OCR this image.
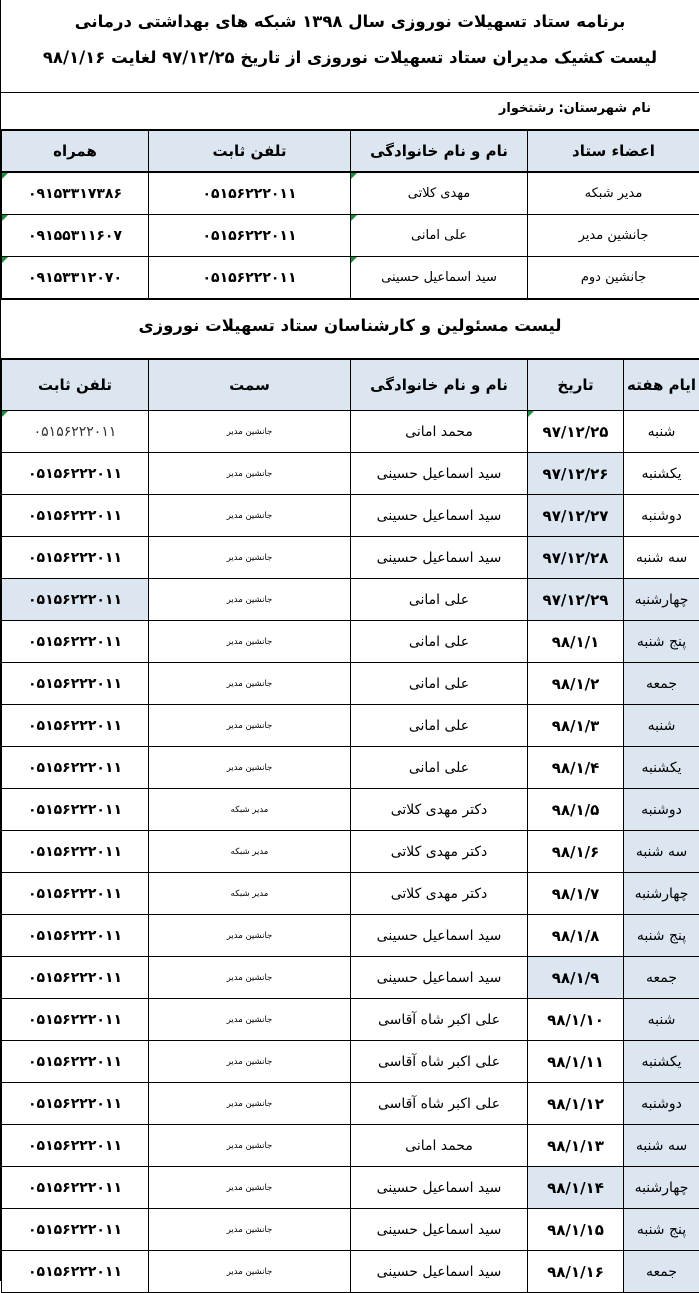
برنامه ستاد تسهیلات نوروزی سال ۱۳۹۸ شبکه های بهداشتی درمانی
لیست کشیک مدیران ستاد تسهیلات نوروزی از تاریخ ۹۷/۱۲/۲۵ لغایت ۹۸/۱/۱۶
نام شهرستان: رشتخوار
همراه	تلفن ثابت	نام و نام خانوادگی	اعضاء ستاد
۰۹۱۵۳۳۱۷۳۸۶	۰۵۱۵۶۲۲۲۰۱۱	مهدی کلاتی	مدیر شبکه
۰۹۱۵۵۳۱۱۶۰۷	۰۵۱۵۶۲۲۲۰۱۱	علی امانی	جانشین مدیر
۰۹۱۵۳۳۱۲۰۷۰	۰۵۱۵۶۲۲۲۰۱۱	سید اسماعیل حسینی	جانشین دوم
لیست مسئولین و کارشناسان ستاد تسهیلات نوروزی
تلفن ثابت	سمت	نام و نام خانوادگی	تاریخ	ایام هفته
۰۵۱۵۶۲۲۲۰۱۱	جانشین مدیر	محمد امانی	۹۷/۱۲/۲۵	شنبه
۰۵۱۵۶۲۲۲۰۱۱	جانشین مدیر	سید اسماعیل حسینی	۹۷/۱۲/۲۶	یکشنبه
۰۵۱۵۶۲۲۲۰۱۱	جانشین مدیر	سید اسماعیل حسینی	۹۷/۱۲/۲۷	دوشنبه
۰۵۱۵۶۲۲۲۰۱۱	جانشین مدیر	سید اسماعیل حسینی	۹۷/۱۲/۲۸	سه شنبه
۰۵۱۵۶۲۲۲۰۱۱	جانشین مدیر	علی امانی	۹۷/۱۲/۲۹	چهارشنبه
۰۵۱۵۶۲۲۲۰۱۱	جانشین مدیر	علی امانی	۹۸/۱/۱	پنج شنبه
۰۵۱۵۶۲۲۲۰۱۱	جانشین مدیر	علی امانی	۹۸/۱/۲	جمعه
۰۵۱۵۶۲۲۲۰۱۱	جانشین مدیر	علی امانی	۹۸/۱/۳	شنبه
۰۵۱۵۶۲۲۲۰۱۱	جانشین مدیر	علی امانی	۹۸/۱/۴	یکشنبه
۰۵۱۵۶۲۲۲۰۱۱	مدیر شبکه	دکتر مهدی کلاتی	۹۸/۱/۵	دوشنبه
۰۵۱۵۶۲۲۲۰۱۱	مدیر شبکه	دکتر مهدی کلاتی	۹۸/۱/۶	سه شنبه
۰۵۱۵۶۲۲۲۰۱۱	مدیر شبکه	دکتر مهدی کلاتی	۹۸/۱/۷	چهارشنبه
۰۵۱۵۶۲۲۲۰۱۱	جانشین مدیر	سید اسماعیل حسینی	۹۸/۱/۸	پنج شنبه
۰۵۱۵۶۲۲۲۰۱۱	جانشین مدیر	سید اسماعیل حسینی	۹۸/۱/۹	جمعه
۰۵۱۵۶۲۲۲۰۱۱	جانشین مدیر	علی اکبر شاه آقاسی	۹۸/۱/۱۰	شنبه
۰۵۱۵۶۲۲۲۰۱۱	جانشین مدیر	علی اکبر شاه آقاسی	۹۸/۱/۱۱	یکشنبه
۰۵۱۵۶۲۲۲۰۱۱	جانشین مدیر	علی اکبر شاه آقاسی	۹۸/۱/۱۲	دوشنبه
۰۵۱۵۶۲۲۲۰۱۱	جانشین مدیر	محمد امانی	۹۸/۱/۱۳	سه شنبه
۰۵۱۵۶۲۲۲۰۱۱	جانشین مدیر	سید اسماعیل حسینی	۹۸/۱/۱۴	چهارشنبه
۰۵۱۵۶۲۲۲۰۱۱	جانشین مدیر	سید اسماعیل حسینی	۹۸/۱/۱۵	پنج شنبه
۰۵۱۵۶۲۲۲۰۱۱	جانشین مدیر	سید اسماعیل حسینی	۹۸/۱/۱۶	جمعه
